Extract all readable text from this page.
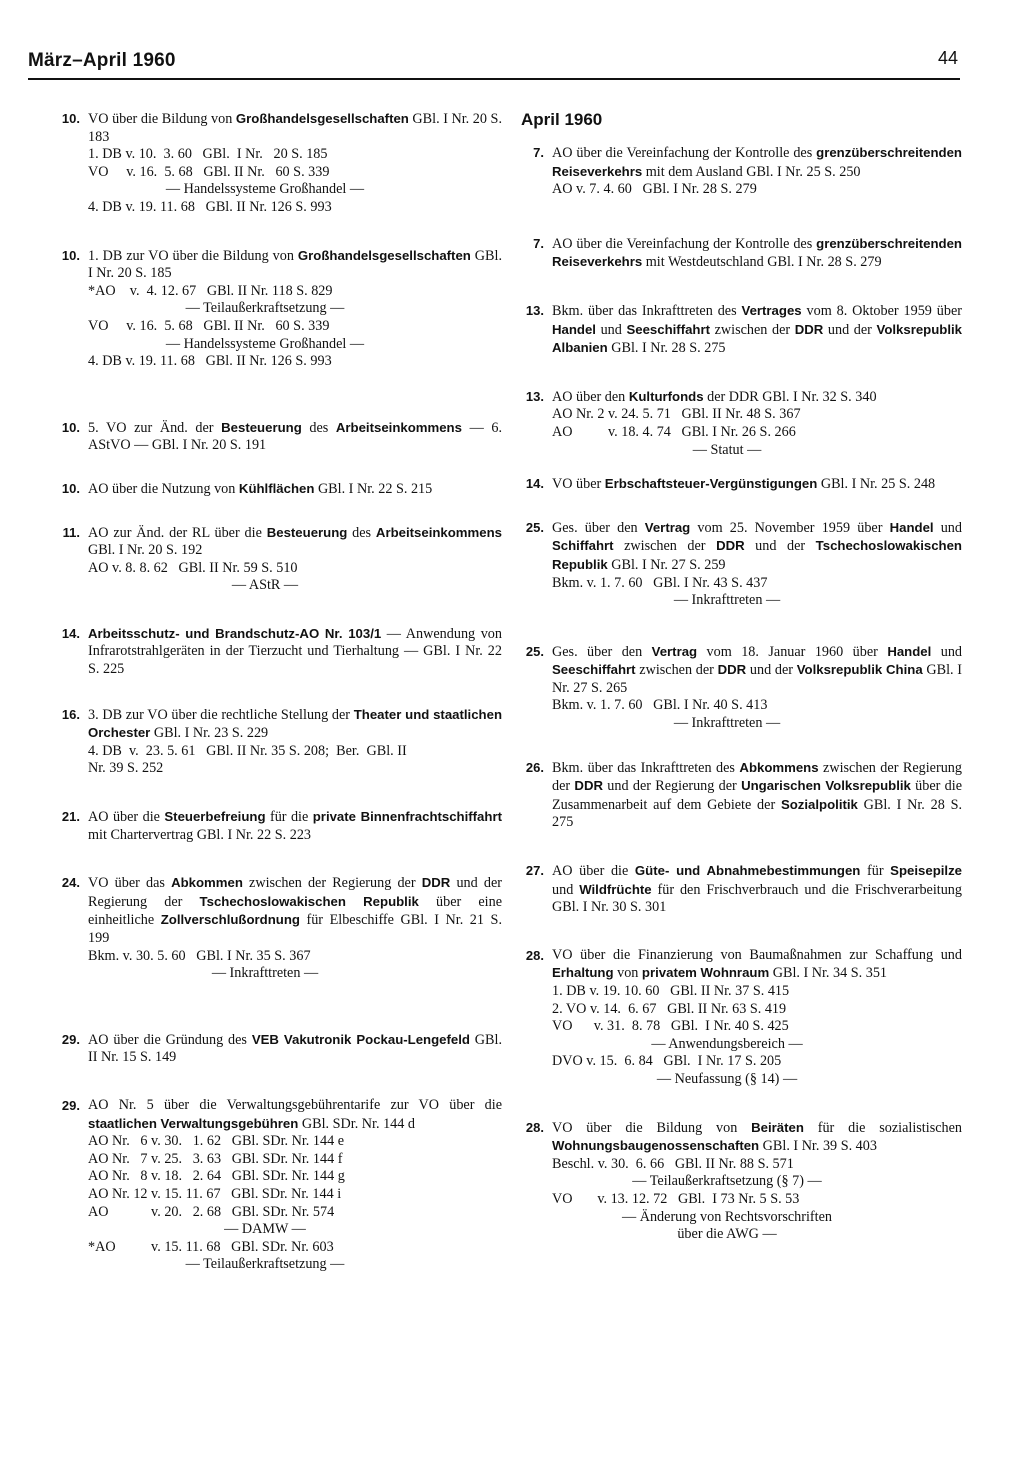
März–April 1960	44
10. VO über die Bildung von Großhandelsgesellschaften GBl. I Nr. 20 S. 183
1. DB v. 10.  3. 60   GBl.  I Nr.   20 S. 185
VO     v. 16.  5. 68   GBl. II Nr.   60 S. 339
— Handelssysteme Großhandel —
4. DB v. 19. 11. 68   GBl. II Nr. 126 S. 993
10. 1. DB zur VO über die Bildung von Großhandelsgesellschaften GBl. I Nr. 20 S. 185
*AO    v.  4. 12. 67   GBl. II Nr. 118 S. 829
— Teilaußerkraftsetzung —
VO     v. 16.  5. 68   GBl. II Nr.   60 S. 339
— Handelssysteme Großhandel —
4. DB v. 19. 11. 68   GBl. II Nr. 126 S. 993
10. 5. VO zur Änd. der Besteuerung des Arbeitseinkommens — 6. AStVO — GBl. I Nr. 20 S. 191
10. AO über die Nutzung von Kühlflächen GBl. I Nr. 22 S. 215
11. AO zur Änd. der RL über die Besteuerung des Arbeitseinkommens GBl. I Nr. 20 S. 192
AO v. 8. 8. 62   GBl. II Nr. 59 S. 510
— AStR —
14. Arbeitsschutz- und Brandschutz-AO Nr. 103/1 — Anwendung von Infrarotstrahlgeräten in der Tierzucht und Tierhaltung — GBl. I Nr. 22 S. 225
16. 3. DB zur VO über die rechtliche Stellung der Theater und staatlichen Orchester GBl. I Nr. 23 S. 229
4. DB  v.  23. 5. 61   GBl. II Nr. 35 S. 208;  Ber.  GBl. II
Nr. 39 S. 252
21. AO über die Steuerbefreiung für die private Binnenfrachtschiffahrt mit Chartervertrag GBl. I Nr. 22 S. 223
24. VO über das Abkommen zwischen der Regierung der DDR und der Regierung der Tschechoslowakischen Republik über eine einheitliche Zollverschlußordnung für Elbeschiffe GBl. I Nr. 21 S. 199
Bkm. v. 30. 5. 60   GBl. I Nr. 35 S. 367
— Inkrafttreten —
29. AO über die Gründung des VEB Vakutronik Pockau-Lengefeld GBl. II Nr. 15 S. 149
29. AO Nr. 5 über die Verwaltungsgebührentarife zur VO über die staatlichen Verwaltungsgebühren GBl. SDr. Nr. 144 d
AO Nr.   6 v. 30.   1. 62   GBl. SDr. Nr. 144 e
AO Nr.   7 v. 25.   3. 63   GBl. SDr. Nr. 144 f
AO Nr.   8 v. 18.   2. 64   GBl. SDr. Nr. 144 g
AO Nr. 12 v. 15. 11. 67   GBl. SDr. Nr. 144 i
AO            v. 20.   2. 68   GBl. SDr. Nr. 574
— DAMW —
*AO          v. 15. 11. 68   GBl. SDr. Nr. 603
— Teilaußerkraftsetzung —
April 1960
7. AO über die Vereinfachung der Kontrolle des grenzüberschreitenden Reiseverkehrs mit dem Ausland GBl. I Nr. 25 S. 250
AO v. 7. 4. 60   GBl. I Nr. 28 S. 279
7. AO über die Vereinfachung der Kontrolle des grenzüberschreitenden Reiseverkehrs mit Westdeutschland GBl. I Nr. 28 S. 279
13. Bkm. über das Inkrafttreten des Vertrages vom 8. Oktober 1959 über Handel und Seeschiffahrt zwischen der DDR und der Volksrepublik Albanien GBl. I Nr. 28 S. 275
13. AO über den Kulturfonds der DDR GBl. I Nr. 32 S. 340
AO Nr. 2 v. 24. 5. 71   GBl. II Nr. 48 S. 367
AO          v. 18. 4. 74   GBl. I Nr. 26 S. 266
— Statut —
14. VO über Erbschaftsteuer-Vergünstigungen GBl. I Nr. 25 S. 248
25. Ges. über den Vertrag vom 25. November 1959 über Handel und Schiffahrt zwischen der DDR und der Tschechoslowakischen Republik GBl. I Nr. 27 S. 259
Bkm. v. 1. 7. 60   GBl. I Nr. 43 S. 437
— Inkrafttreten —
25. Ges. über den Vertrag vom 18. Januar 1960 über Handel und Seeschiffahrt zwischen der DDR und der Volksrepublik China GBl. I Nr. 27 S. 265
Bkm. v. 1. 7. 60   GBl. I Nr. 40 S. 413
— Inkrafttreten —
26. Bkm. über das Inkrafttreten des Abkommens zwischen der Regierung der DDR und der Regierung der Ungarischen Volksrepublik über die Zusammenarbeit auf dem Gebiete der Sozialpolitik GBl. I Nr. 28 S. 275
27. AO über die Güte- und Abnahmebestimmungen für Speisepilze und Wildfrüchte für den Frischverbrauch und die Frischverarbeitung GBl. I Nr. 30 S. 301
28. VO über die Finanzierung von Baumaßnahmen zur Schaffung und Erhaltung von privatem Wohnraum GBl. I Nr. 34 S. 351
1. DB v. 19. 10. 60   GBl. II Nr. 37 S. 415
2. VO v. 14.  6. 67   GBl. II Nr. 63 S. 419
VO      v. 31.  8. 78   GBl.  I Nr. 40 S. 425
— Anwendungsbereich —
DVO v. 15.  6. 84   GBl.  I Nr. 17 S. 205
— Neufassung (§ 14) —
28. VO über die Bildung von Beiräten für die sozialistischen Wohnungsbaugenossenschaften GBl. I Nr. 39 S. 403
Beschl. v. 30.  6. 66   GBl. II Nr. 88 S. 571
— Teilaußerkraftsetzung (§ 7) —
VO       v. 13. 12. 72   GBl.  I 73 Nr. 5 S. 53
— Änderung von Rechtsvorschriften
über die AWG —
